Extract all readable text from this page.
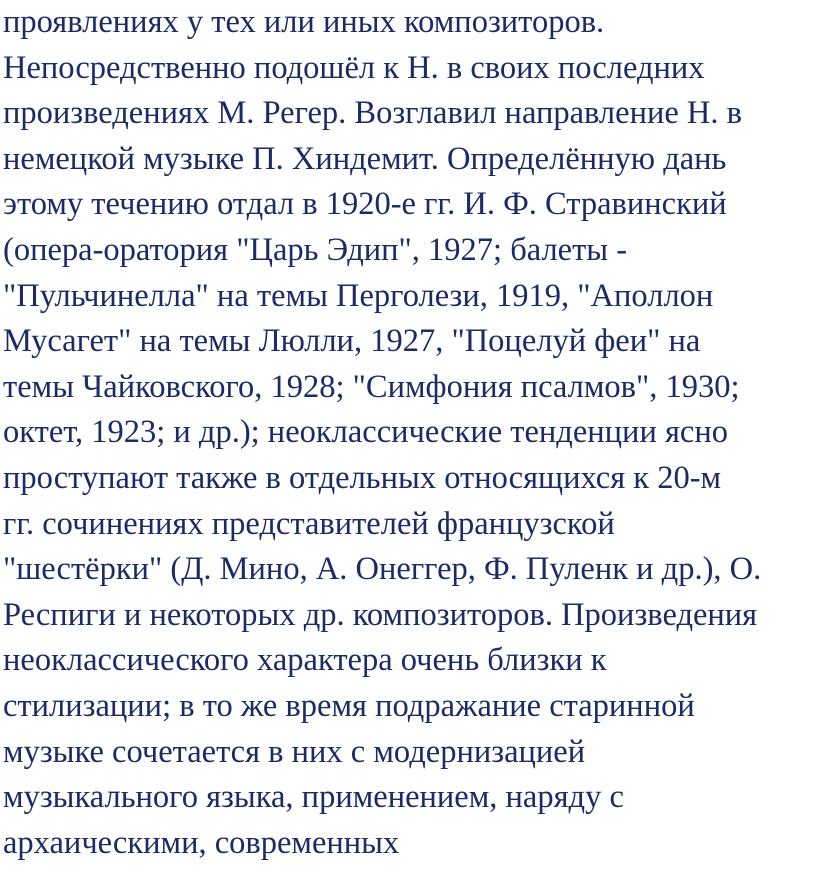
проявлениях у тех или иных композиторов.
Непосредственно подошёл к Н. в своих последних
произведениях М. Регер. Возглавил направление Н. в
немецкой музыке П. Хиндемит. Определённую дань
этому течению отдал в 1920-е гг. И. Ф. Стравинский
(опера-оратория "Царь Эдип", 1927; балеты -
"Пульчинелла" на темы Перголези, 1919, "Аполлон
Мусагет" на темы Люлли, 1927, "Поцелуй феи" на
темы Чайковского, 1928; "Симфония псалмов", 1930;
октет, 1923; и др.); неоклассические тенденции ясно
проступают также в отдельных относящихся к 20-м
гг. сочинениях представителей французской
"шестёрки" (Д. Мино, А. Онеггер, Ф. Пуленк и др.), О.
Респиги и некоторых др. композиторов. Произведения
неоклассического характера очень близки к
стилизации; в то же время подражание старинной
музыке сочетается в них с модернизацией
музыкального языка, применением, наряду с
архаическими, современных
